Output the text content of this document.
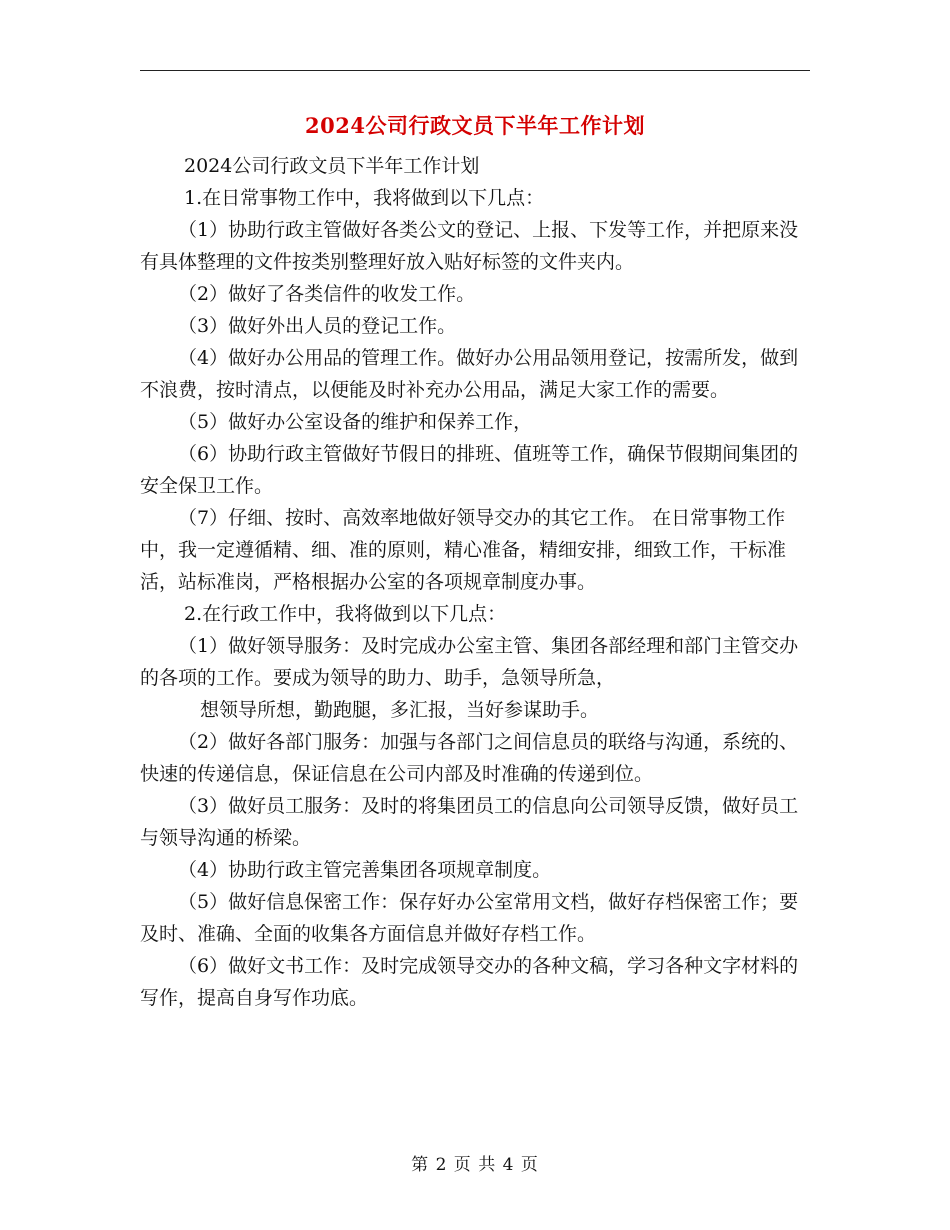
2024公司行政文员下半年工作计划

2024公司行政文员下半年工作计划

1.在日常事物工作中，我将做到以下几点：

（1）协助行政主管做好各类公文的登记、上报、下发等工作，并把原来没有具体整理的文件按类别整理好放入贴好标签的文件夹内。

（2）做好了各类信件的收发工作。

（3）做好外出人员的登记工作。

（4）做好办公用品的管理工作。做好办公用品领用登记，按需所发，做到不浪费，按时清点，以便能及时补充办公用品，满足大家工作的需要。

（5）做好办公室设备的维护和保养工作，

（6）协助行政主管做好节假日的排班、值班等工作，确保节假期间集团的安全保卫工作。

（7）仔细、按时、高效率地做好领导交办的其它工作。 在日常事物工作中，我一定遵循精、细、准的原则，精心准备，精细安排，细致工作，干标准活，站标准岗，严格根据办公室的各项规章制度办事。

2.在行政工作中，我将做到以下几点：

（1）做好领导服务：及时完成办公室主管、集团各部经理和部门主管交办的各项的工作。要成为领导的助力、助手，急领导所急，

想领导所想，勤跑腿，多汇报，当好参谋助手。

（2）做好各部门服务：加强与各部门之间信息员的联络与沟通，系统的、快速的传递信息，保证信息在公司内部及时准确的传递到位。

（3）做好员工服务：及时的将集团员工的信息向公司领导反馈，做好员工与领导沟通的桥梁。

（4）协助行政主管完善集团各项规章制度。

（5）做好信息保密工作：保存好办公室常用文档，做好存档保密工作；要及时、准确、全面的收集各方面信息并做好存档工作。

（6）做好文书工作：及时完成领导交办的各种文稿，学习各种文字材料的写作，提高自身写作功底。

第 2 页 共 4 页
